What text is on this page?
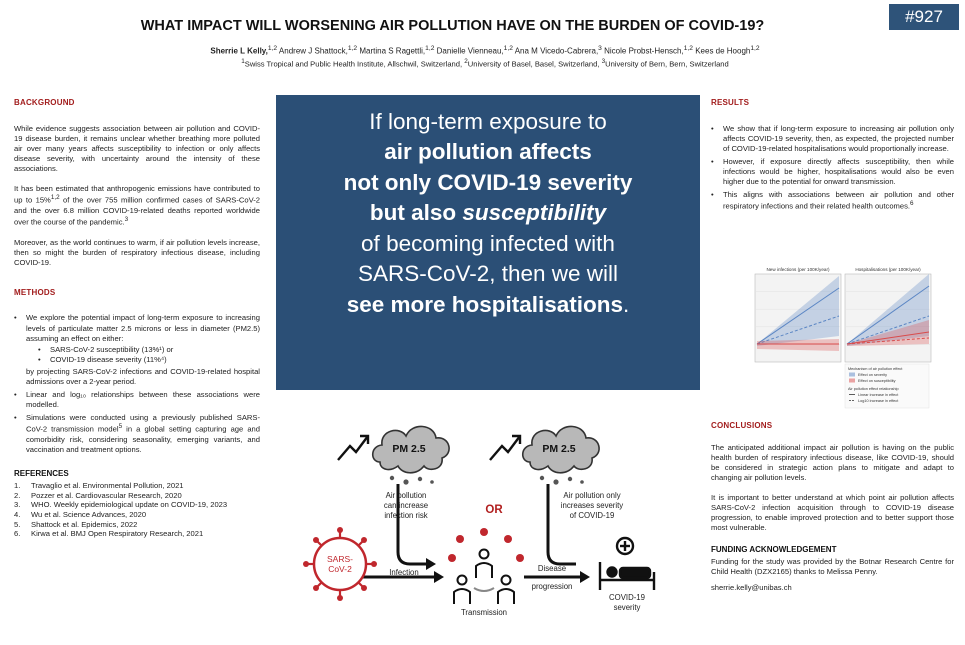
#927
WHAT IMPACT WILL WORSENING AIR POLLUTION HAVE ON THE BURDEN OF COVID-19?
Sherrie L Kelly,$^{1,2}$ Andrew J Shattock,$^{1,2}$ Martina S Ragettli,$^{1,2}$ Danielle Vienneau,$^{1,2}$ Ana M Vicedo-Cabrera,$^3$ Nicole Probst-Hensch,$^{1,2}$ Kees de Hoogh$^{1,2}$
$^1$Swiss Tropical and Public Health Institute, Allschwil, Switzerland, $^2$University of Basel, Basel, Switzerland, $^3$University of Bern, Bern, Switzerland
BACKGROUND

While evidence suggests association between air pollution and COVID-19 disease burden, it remains unclear whether breathing more polluted air over many years affects susceptibility to infection or only affects disease severity, with uncertainty around the intensity of these associations.

It has been estimated that anthropogenic emissions have contributed to up to 15%$^{1,2}$ of the over 755 million confirmed cases of SARS-CoV-2 and the over 6.8 million COVID-19-related deaths reported worldwide over the course of the pandemic.$^3$

Moreover, as the world continues to warm, if air pollution levels increase, then so might the burden of respiratory infectious disease, including COVID-19.

METHODS
• We explore the potential impact of long-term exposure to increasing levels of particulate matter 2.5 microns or less in diameter (PM2.5) assuming an effect on either:
• SARS-CoV-2 susceptibility (13%¹) or
• COVID-19 disease severity (11%⁴)
by projecting SARS-CoV-2 infections and COVID-19-related hospital admissions over a 2-year period.
• Linear and log₁₀ relationships between these associations were modelled.
• Simulations were conducted using a previously published SARS-CoV-2 transmission model$^5$ in a global setting capturing age and comorbidity risk, considering seasonality, emerging variants, and vaccination and treatment options.
REFERENCES
1.	Travaglio et al. Environmental Pollution, 2021
2.	Pozzer et al. Cardiovascular Research, 2020
3.	WHO. Weekly epidemiological update on COVID-19, 2023
4.	Wu et al. Science Advances, 2020
5.	Shattock et al. Epidemics, 2022
6.	Kirwa et al. BMJ Open Respiratory Research, 2021
If long-term exposure to
air pollution affects
not only COVID-19 severity
but also susceptibility
of becoming infected with
SARS-CoV-2, then we will
see more hospitalisations.
PM 2.5	PM 2.5
Air pollution
can increase
infection risk	OR
Air pollution only
increases severity
of COVID-19
Infection	Disease
progression
SARS-
CoV-2
Transmission
COVID-19
severity
RESULTS
• We show that if long-term exposure to increasing air pollution only affects COVID-19 severity, then, as expected, the projected number of COVID-19-related hospitalisations would proportionally increase.
• However, if exposure directly affects susceptibility, then while infections would be higher, hospitalisations would also be even higher due to the potential for onward transmission.
• This aligns with associations between air pollution and other respiratory infections and their related health outcomes.$^6$
New infections (per 100K/year)	Hospitalisations (per 100K/year)
Mechanism of air pollution effect
Effect on severity
Effect on susceptibility
Air pollution effect relationship
Linear increase in effect
Log10 increase in effect
CONCLUSIONS

The anticipated additional impact air pollution is having on the public health burden of respiratory infectious disease, like COVID-19, should be considered in strategic action plans to mitigate and adapt to changing air pollution levels.

It is important to better understand at which point air pollution affects SARS-CoV-2 infection acquisition through to COVID-19 disease progression, to enable improved protection and to better support those most vulnerable.

FUNDING ACKNOWLEDGEMENT

Funding for the study was provided by the Botnar Research Centre for Child Health (DZX2165) thanks to Melissa Penny.

sherrie.kelly@unibas.ch
